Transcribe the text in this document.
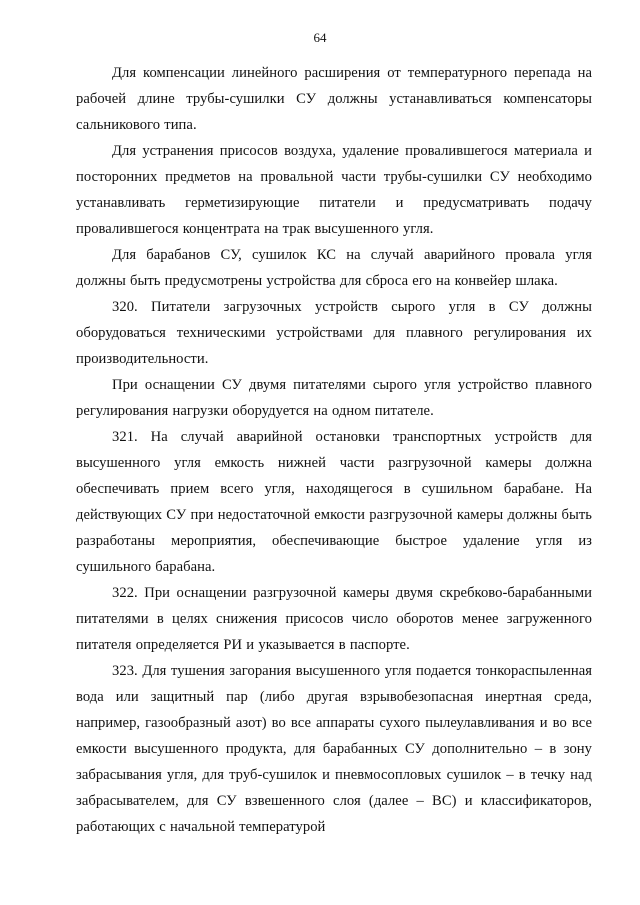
64

Для компенсации линейного расширения от температурного перепада на рабочей длине трубы-сушилки СУ должны устанавливаться компенсаторы сальникового типа.

Для устранения присосов воздуха, удаление провалившегося материала и посторонних предметов на провальной части трубы-сушилки СУ необходимо устанавливать герметизирующие питатели и предусматривать подачу провалившегося концентрата на трак высушенного угля.

Для барабанов СУ, сушилок КС на случай аварийного провала угля должны быть предусмотрены устройства для сброса его на конвейер шлака.

320. Питатели загрузочных устройств сырого угля в СУ должны оборудоваться техническими устройствами для плавного регулирования их производительности.

При оснащении СУ двумя питателями сырого угля устройство плавного регулирования нагрузки оборудуется на одном питателе.

321. На случай аварийной остановки транспортных устройств для высушенного угля емкость нижней части разгрузочной камеры должна обеспечивать прием всего угля, находящегося в сушильном барабане. На действующих СУ при недостаточной емкости разгрузочной камеры должны быть разработаны мероприятия, обеспечивающие быстрое удаление угля из сушильного барабана.

322. При оснащении разгрузочной камеры двумя скребково-барабанными питателями в целях снижения присосов число оборотов менее загруженного питателя определяется РИ и указывается в паспорте.

323. Для тушения загорания высушенного угля подается тонкораспыленная вода или защитный пар (либо другая взрывобезопасная инертная среда, например, газообразный азот) во все аппараты сухого пылеулавливания и во все емкости высушенного продукта, для барабанных СУ дополнительно – в зону забрасывания угля, для труб-сушилок и пневмосопловых сушилок – в течку над забрасывателем, для СУ взвешенного слоя (далее – ВС) и классификаторов, работающих с начальной температурой
